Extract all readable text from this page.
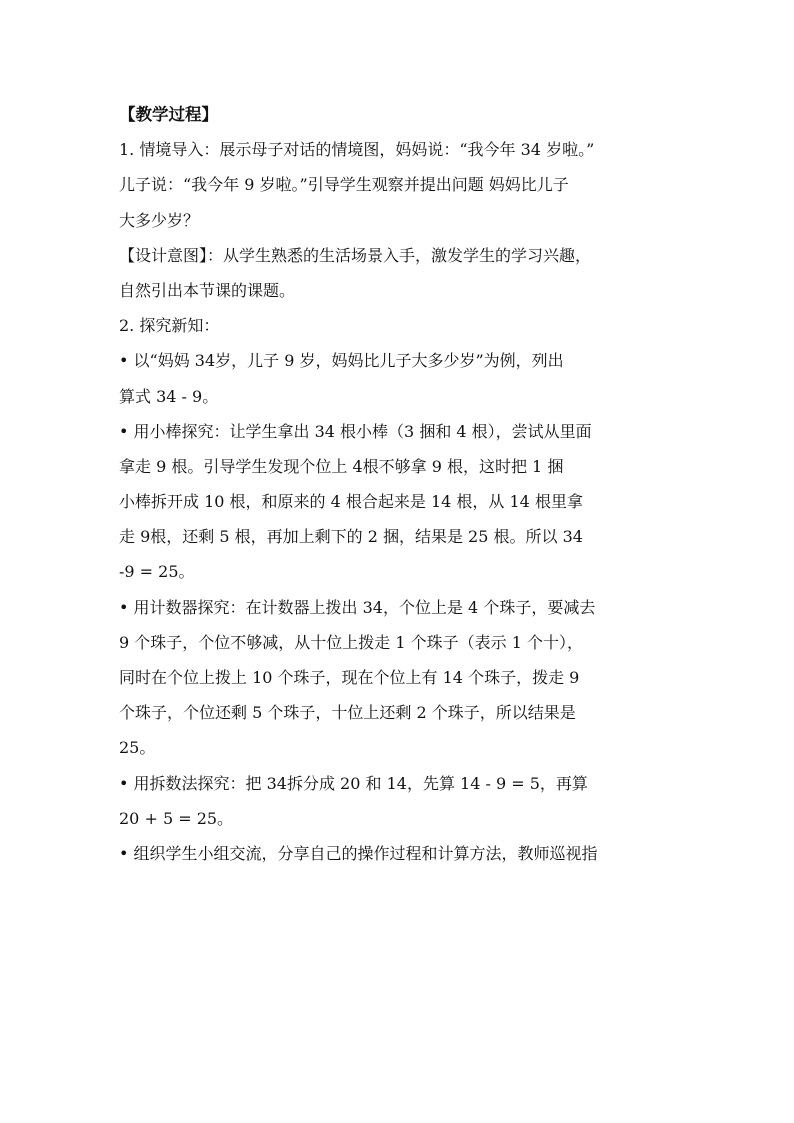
【教学过程】
1. 情境导入：展示母子对话的情境图，妈妈说：“我今年 34 岁啦。”
儿子说：“我今年 9 岁啦。”引导学生观察并提出问题 妈妈比儿子
大多少岁？
【设计意图】：从学生熟悉的生活场景入手，激发学生的学习兴趣，
自然引出本节课的课题。
2. 探究新知：
• 以“妈妈 34岁，儿子 9 岁，妈妈比儿子大多少岁”为例，列出
算式 34 - 9。
• 用小棒探究：让学生拿出 34 根小棒（3 捆和 4 根），尝试从里面
拿走 9 根。引导学生发现个位上 4根不够拿 9 根，这时把 1 捆
小棒拆开成 10 根，和原来的 4 根合起来是 14 根，从 14 根里拿
走 9根，还剩 5 根，再加上剩下的 2 捆，结果是 25 根。所以 34
-9 = 25。
• 用计数器探究：在计数器上拨出 34，个位上是 4 个珠子，要减去
9 个珠子，个位不够减，从十位上拨走 1 个珠子（表示 1 个十），
同时在个位上拨上 10 个珠子，现在个位上有 14 个珠子，拨走 9
个珠子，个位还剩 5 个珠子，十位上还剩 2 个珠子，所以结果是
25。
• 用拆数法探究：把 34拆分成 20 和 14，先算 14 - 9 = 5，再算
20 + 5 = 25。
• 组织学生小组交流，分享自己的操作过程和计算方法，教师巡视指
